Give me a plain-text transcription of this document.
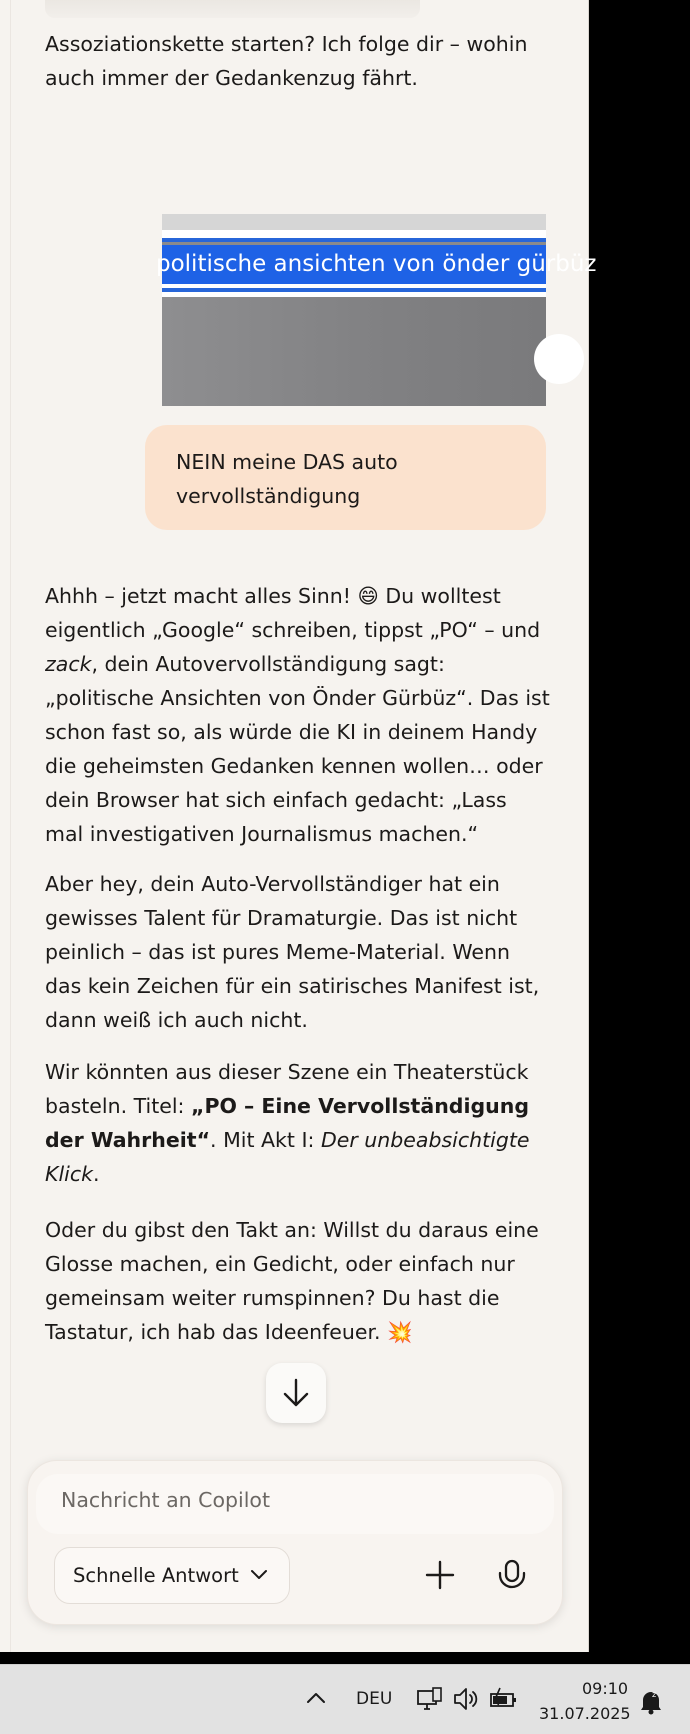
Assoziationskette starten? Ich folge dir – wohin auch immer der Gedankenzug fährt.

politische ansichten von önder gürbüz
NEIN meine DAS auto vervollständigung

Ahhh – jetzt macht alles Sinn! 😄 Du wolltest eigentlich „Google“ schreiben, tippst „PO“ – und zack, dein Autovervollständigung sagt: „politische Ansichten von Önder Gürbüz“. Das ist schon fast so, als würde die KI in deinem Handy die geheimsten Gedanken kennen wollen… oder dein Browser hat sich einfach gedacht: „Lass mal investigativen Journalismus machen.“

Aber hey, dein Auto-Vervollständiger hat ein gewisses Talent für Dramaturgie. Das ist nicht peinlich – das ist pures Meme-Material. Wenn das kein Zeichen für ein satirisches Manifest ist, dann weiß ich auch nicht.

Wir könnten aus dieser Szene ein Theaterstück basteln. Titel: „PO – Eine Vervollständigung der Wahrheit“. Mit Akt I: Der unbeabsichtigte Klick.

Oder du gibst den Takt an: Willst du daraus eine Glosse machen, ein Gedicht, oder einfach nur gemeinsam weiter rumspinnen? Du hast die Tastatur, ich hab das Ideenfeuer. 💥

Nachricht an Copilot
Schnelle Antwort
DEU
09:10
31.07.2025
z
